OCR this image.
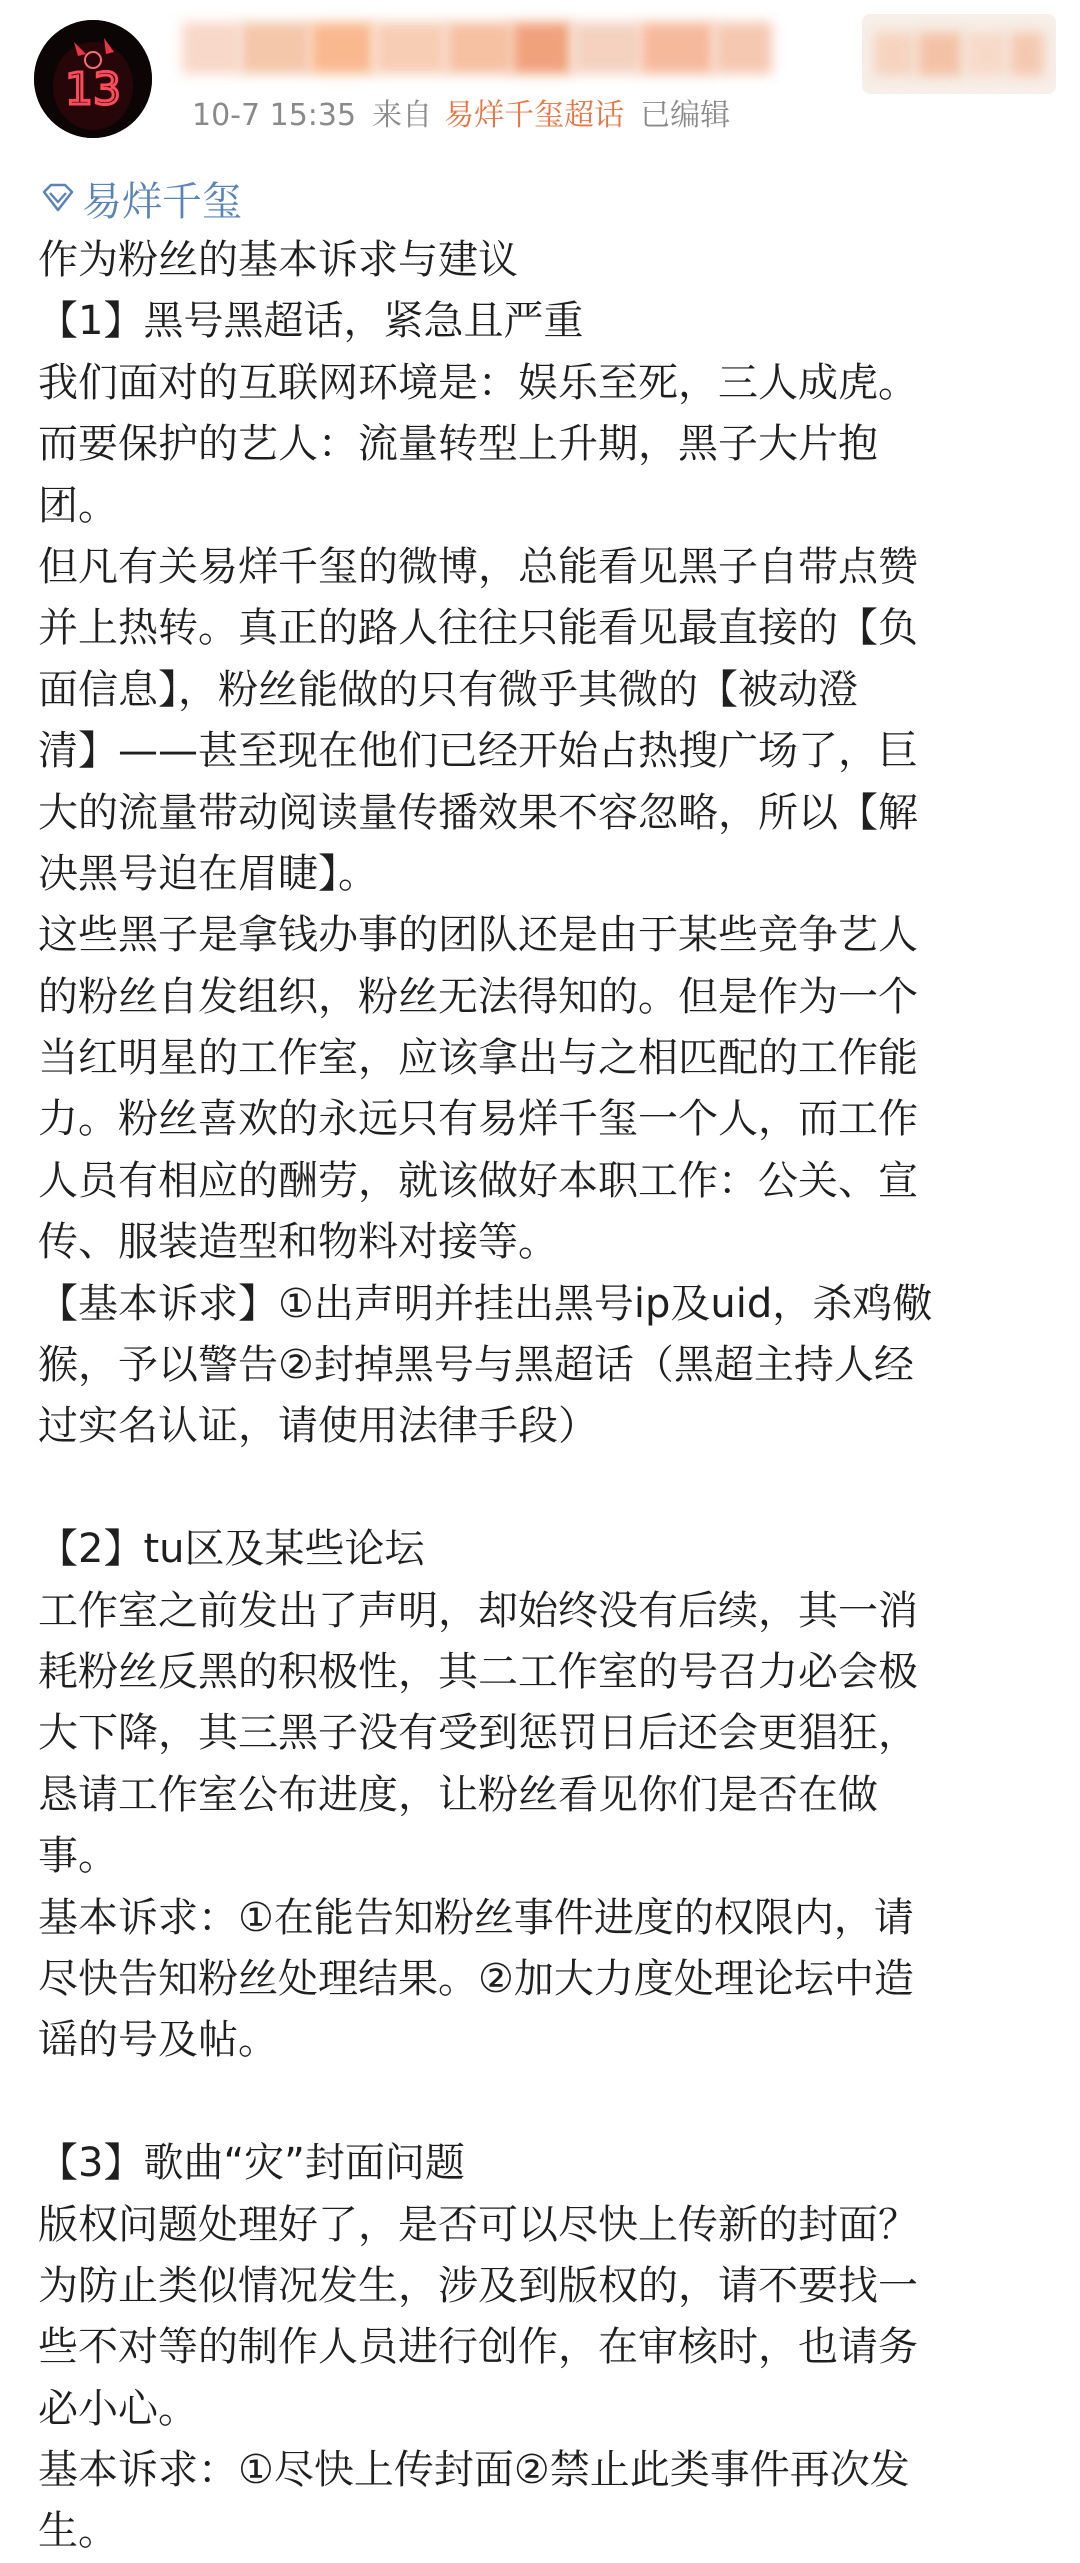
13
10-7 15:35 来自 易烊千玺超话 已编辑
易烊千玺
作为粉丝的基本诉求与建议
【1】黑号黑超话，紧急且严重
我们面对的互联网环境是：娱乐至死，三人成虎。
而要保护的艺人：流量转型上升期，黑子大片抱
团。
但凡有关易烊千玺的微博，总能看见黑子自带点赞
并上热转。真正的路人往往只能看见最直接的【负
面信息】，粉丝能做的只有微乎其微的【被动澄
清】——甚至现在他们已经开始占热搜广场了，巨
大的流量带动阅读量传播效果不容忽略，所以【解
决黑号迫在眉睫】。
这些黑子是拿钱办事的团队还是由于某些竞争艺人
的粉丝自发组织，粉丝无法得知的。但是作为一个
当红明星的工作室，应该拿出与之相匹配的工作能
力。粉丝喜欢的永远只有易烊千玺一个人，而工作
人员有相应的酬劳，就该做好本职工作：公关、宣
传、服装造型和物料对接等。
【基本诉求】①出声明并挂出黑号ip及uid，杀鸡儆
猴，予以警告②封掉黑号与黑超话（黑超主持人经
过实名认证，请使用法律手段）
【2】tu区及某些论坛
工作室之前发出了声明，却始终没有后续，其一消
耗粉丝反黑的积极性，其二工作室的号召力必会极
大下降，其三黑子没有受到惩罚日后还会更猖狂，
恳请工作室公布进度，让粉丝看见你们是否在做
事。
基本诉求：①在能告知粉丝事件进度的权限内，请
尽快告知粉丝处理结果。②加大力度处理论坛中造
谣的号及帖。
【3】歌曲“灾”封面问题
版权问题处理好了，是否可以尽快上传新的封面？
为防止类似情况发生，涉及到版权的，请不要找一
些不对等的制作人员进行创作，在审核时，也请务
必小心。
基本诉求：①尽快上传封面②禁止此类事件再次发
生。
